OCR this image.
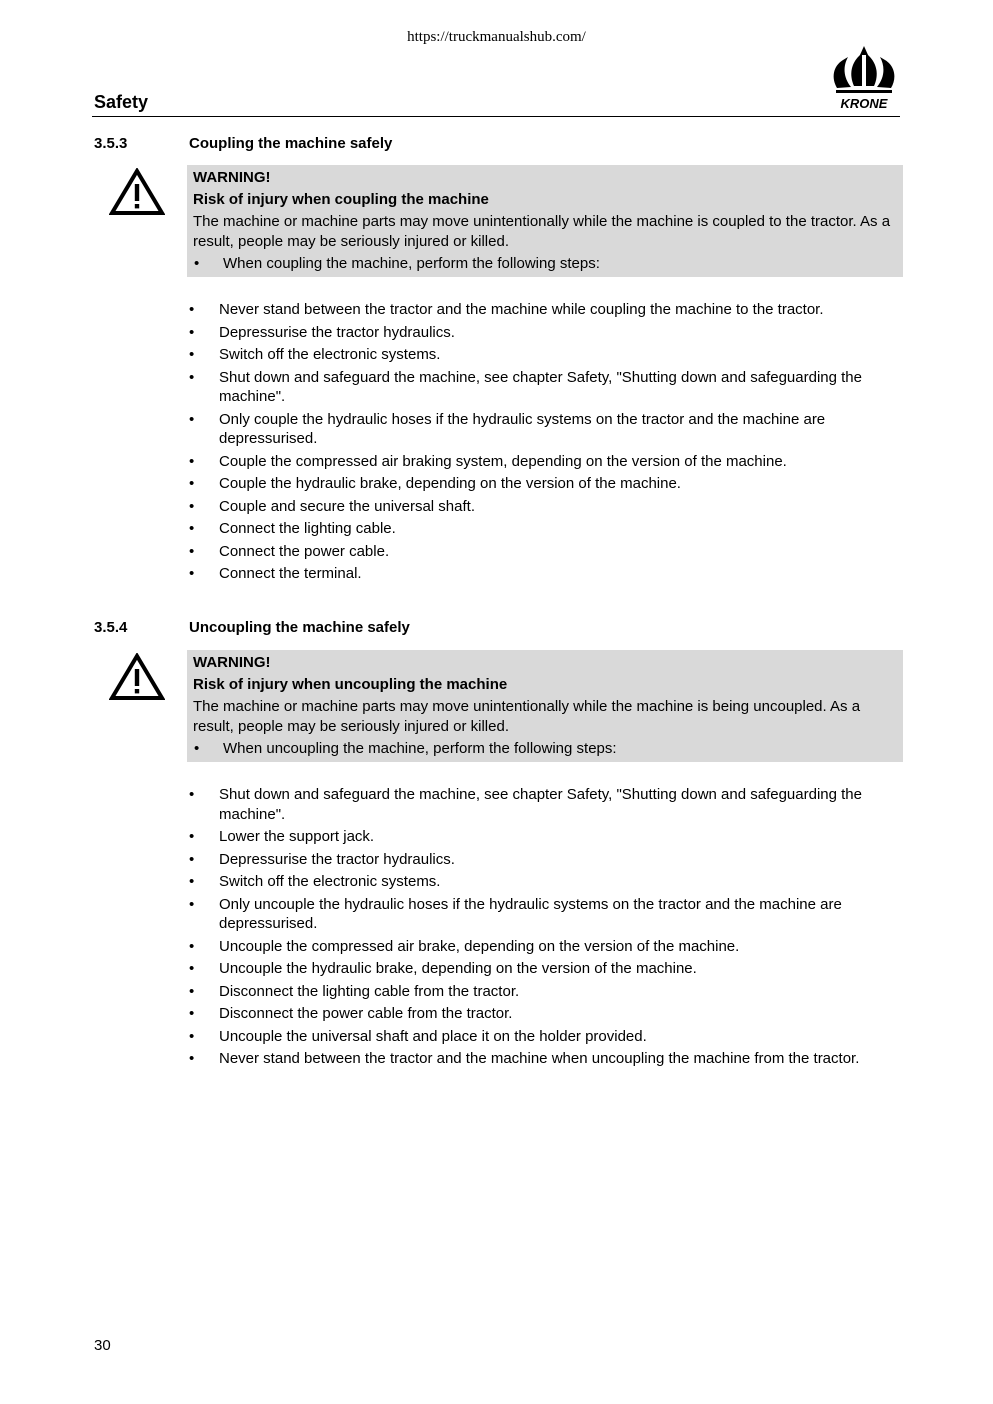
https://truckmanualshub.com/
Safety	KRONE
3.5.3	Coupling the machine safely
WARNING!
Risk of injury when coupling the machine
The machine or machine parts may move unintentionally while the machine is coupled to the tractor. As a result, people may be seriously injured or killed.
• When coupling the machine, perform the following steps:
• Never stand between the tractor and the machine while coupling the machine to the tractor.
• Depressurise the tractor hydraulics.
• Switch off the electronic systems.
• Shut down and safeguard the machine, see chapter Safety, "Shutting down and safeguarding the machine".
• Only couple the hydraulic hoses if the hydraulic systems on the tractor and the machine are depressurised.
• Couple the compressed air braking system, depending on the version of the machine.
• Couple the hydraulic brake, depending on the version of the machine.
• Couple and secure the universal shaft.
• Connect the lighting cable.
• Connect the power cable.
• Connect the terminal.
3.5.4	Uncoupling the machine safely
WARNING!
Risk of injury when uncoupling the machine
The machine or machine parts may move unintentionally while the machine is being uncoupled. As a result, people may be seriously injured or killed.
• When uncoupling the machine, perform the following steps:
• Shut down and safeguard the machine, see chapter Safety, "Shutting down and safeguarding the machine".
• Lower the support jack.
• Depressurise the tractor hydraulics.
• Switch off the electronic systems.
• Only uncouple the hydraulic hoses if the hydraulic systems on the tractor and the machine are depressurised.
• Uncouple the compressed air brake, depending on the version of the machine.
• Uncouple the hydraulic brake, depending on the version of the machine.
• Disconnect the lighting cable from the tractor.
• Disconnect the power cable from the tractor.
• Uncouple the universal shaft and place it on the holder provided.
• Never stand between the tractor and the machine when uncoupling the machine from the tractor.
30
